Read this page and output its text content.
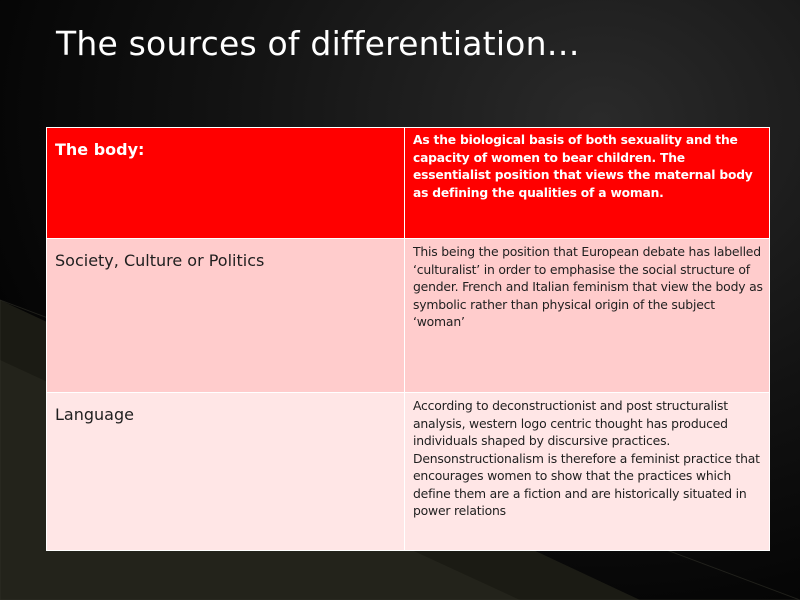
The sources of differentiation…
The body:	As the biological basis of both sexuality and the capacity of women to bear children. The essentialist position that views the maternal body as defining the qualities of a woman.
Society, Culture or Politics	This being the position that European debate has labelled ‘culturalist’ in order to emphasise the social structure of gender. French and Italian feminism that view the body as symbolic rather than physical origin of the subject ‘woman’
Language	According to deconstructionist and post structuralist analysis, western logo centric thought has produced individuals shaped by discursive practices. Densonstructionalism is therefore a feminist practice that encourages women to show that the practices which define them are a fiction and are historically situated in power relations
